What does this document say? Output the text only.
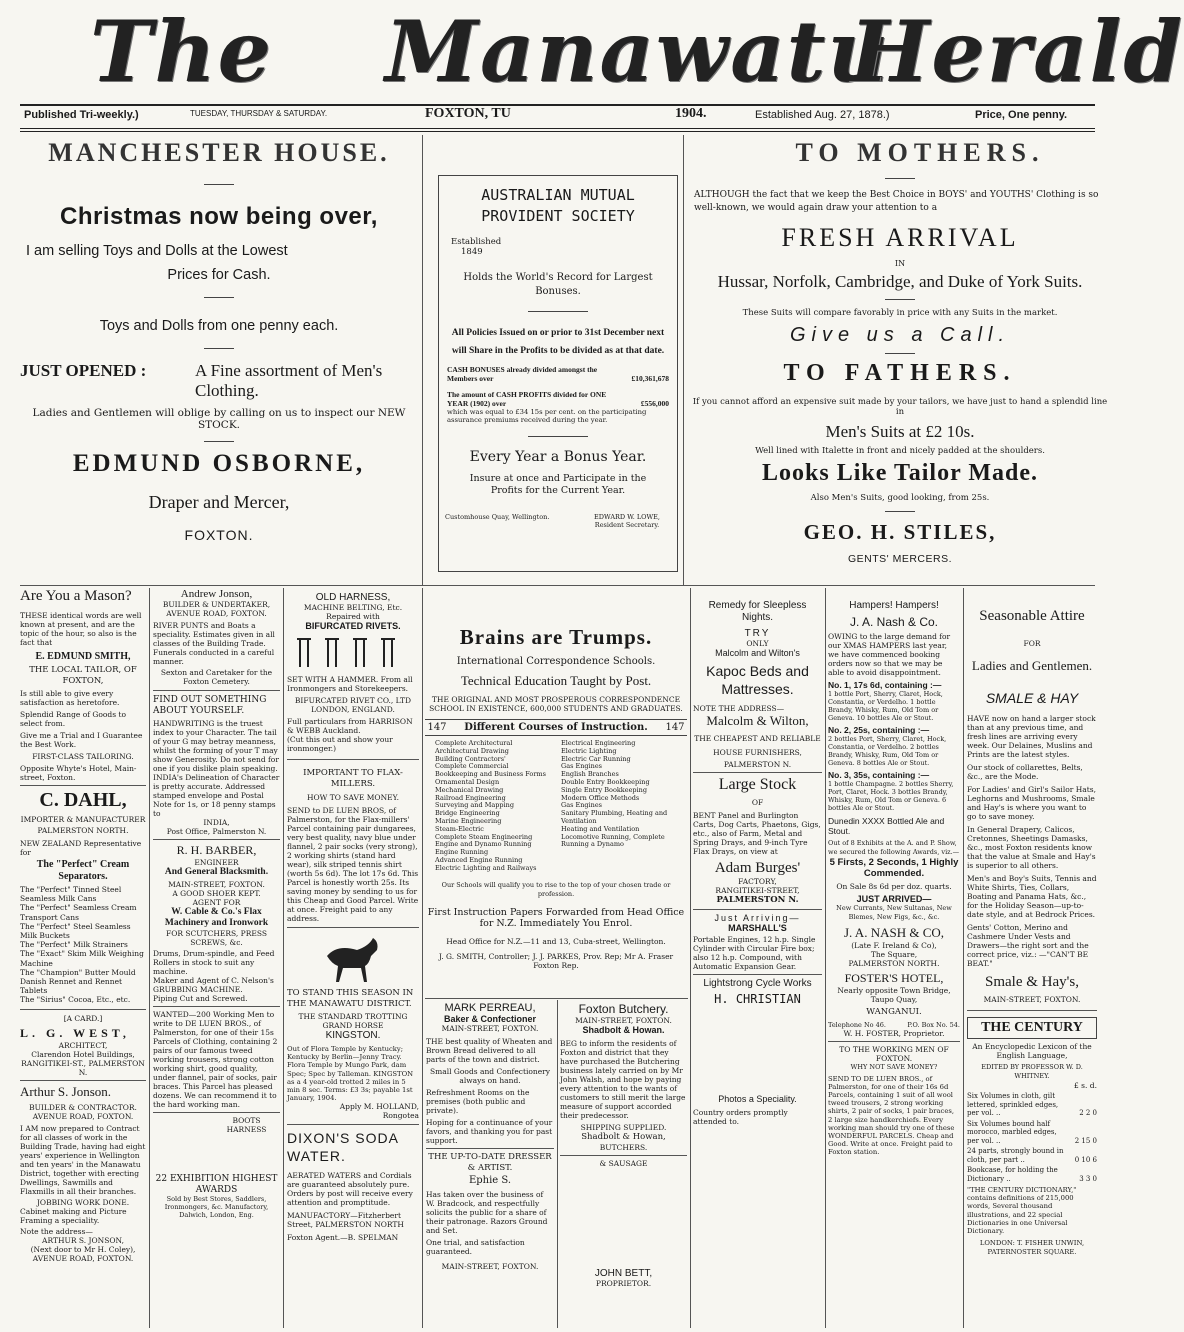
The Manawatu
Herald
Published Tri-weekly.)	TUESDAY, THURSDAY & SATURDAY.	FOXTON, TU	1904.	Established Aug. 27, 1878.)	Price, One penny.
MANCHESTER HOUSE.
Christmas now being over,
I am selling Toys and Dolls at the Lowest
Prices for Cash.
Toys and Dolls from one penny each.
JUST OPENED :	A Fine assortment of Men's Clothing.
Ladies and Gentlemen will oblige by calling on us to inspect our NEW STOCK.
EDMUND OSBORNE,
Draper and Mercer,
FOXTON.
AUSTRALIAN MUTUAL
PROVIDENT SOCIETY
Established
1849
Holds the World's Record for Largest Bonuses.
All Policies Issued on or prior to 31st December next will Share in the Profits to be divided as at that date.
CASH BONUSES already divided amongst the Members over	£10,361,678
The amount of CASH PROFITS divided for ONE YEAR (1902) over	£556,000
which was equal to £34 15s per cent. on the participating assurance premiums received during the year.
Every Year a Bonus Year.
Insure at once and Participate in the Profits for the Current Year.
Customhouse Quay, Wellington.	EDWARD W. LOWE, Resident Secretary.
TO MOTHERS.
ALTHOUGH the fact that we keep the Best Choice in BOYS' and YOUTHS' Clothing is so well-known, we would again draw your attention to a
FRESH ARRIVAL
IN
Hussar, Norfolk, Cambridge, and Duke of York Suits.
These Suits will compare favorably in price with any Suits in the market.
Give us a Call.
TO FATHERS.
If you cannot afford an expensive suit made by your tailors, we have just to hand a splendid line in
Men's Suits at £2 10s.
Well lined with Italette in front and nicely padded at the shoulders.
Looks Like Tailor Made.
Also Men's Suits, good looking, from 25s.
GEO. H. STILES,
GENTS' MERCERS.
Are You a Mason?
THESE identical words are well known at present, and are the topic of the hour, so also is the fact that
E. EDMUND SMITH,
THE LOCAL TAILOR, OF FOXTON,
Is still able to give every satisfaction as heretofore.
Splendid Range of Goods to select from.
Give me a Trial and I Guarantee the Best Work.
FIRST-CLASS TAILORING.
Opposite Whyte's Hotel, Main-street, Foxton.
C. DAHL,
IMPORTER & MANUFACTURER
PALMERSTON NORTH.
NEW ZEALAND Representative for
The "Perfect" Cream Separators.
The "Perfect" Tinned Steel Seamless Milk Cans
The "Perfect" Seamless Cream Transport Cans
The "Perfect" Steel Seamless Milk Buckets
The "Perfect" Milk Strainers
The "Exact" Skim Milk Weighing Machine
The "Champion" Butter Mould
Danish Rennet and Rennet Tablets
The "Sirius" Cocoa, Etc., etc.
[A CARD.]
L. G. WEST,
ARCHITECT,
Clarendon Hotel Buildings,
RANGITIKEI-ST., PALMERSTON N.
Arthur S. Jonson.
BUILDER & CONTRACTOR.
AVENUE ROAD, FOXTON.
I AM now prepared to Contract for all classes of work in the Building Trade, having had eight years' experience in Wellington and ten years' in the Manawatu District, together with erecting Dwellings, Sawmills and Flaxmills in all their branches.
JOBBING WORK DONE.
Cabinet making and Picture Framing a speciality.
Note the address—
ARTHUR S. JONSON,
(Next door to Mr H. Coley),
AVENUE ROAD, FOXTON.
Andrew Jonson,
BUILDER & UNDERTAKER,
AVENUE ROAD, FOXTON.
RIVER PUNTS and Boats a speciality. Estimates given in all classes of the Building Trade. Funerals conducted in a careful manner.
Sexton and Caretaker for the Foxton Cemetery.
FIND OUT SOMETHING ABOUT YOURSELF.
HANDWRITING is the truest index to your Character. The tail of your G may betray meanness, whilst the forming of your T may show Generosity. Do not send for one if you dislike plain speaking. INDIA's Delineation of Character is pretty accurate. Addressed stamped envelope and Postal Note for 1s, or 18 penny stamps to
INDIA,
Post Office, Palmerston N.
R. H. BARBER,
ENGINEER
And General Blacksmith.
MAIN-STREET, FOXTON.
A GOOD SHOER KEPT.
AGENT FOR
W. Cable & Co.'s Flax Machinery and Ironwork
FOR SCUTCHERS, PRESS SCREWS, &c.
Drums, Drum-spindle, and Feed Rollers in stock to suit any machine.
Maker and Agent of C. Nelson's GRUBBING MACHINE.
Piping Cut and Screwed.
WANTED—200 Working Men to write to DE LUEN BROS., of Palmerston, for one of their 15s Parcels of Clothing, containing 2 pairs of our famous tweed working trousers, strong cotton working shirt, good quality, under flannel, pair of socks, pair braces. This Parcel has pleased dozens. We can recommend it to the hard working man.
BOOTS HARNESS
22 EXHIBITION HIGHEST AWARDS
Sold by Best Stores, Saddlers, Ironmongers, &c. Manufactory, Dalwich, London, Eng.
OLD HARNESS,
MACHINE BELTING, Etc.
Repaired with
BIFURCATED RIVETS.
SET WITH A HAMMER. From all Ironmongers and Storekeepers.
BIFURCATED RIVET CO., LTD
LONDON, ENGLAND.
Full particulars from HARRISON & WEBB Auckland.
(Cut this out and show your ironmonger.)
IMPORTANT TO FLAX-MILLERS.
HOW TO SAVE MONEY.
SEND to DE LUEN BROS, of Palmerston, for the Flax-millers' Parcel containing pair dungarees, very best quality, navy blue under flannel, 2 pair socks (very strong), 2 working shirts (stand hard wear), silk striped tennis shirt (worth 5s 6d). The lot 17s 6d. This Parcel is honestly worth 25s. Its saving money by sending to us for this Cheap and Good Parcel. Write at once. Freight paid to any address.
TO STAND THIS SEASON IN THE MANAWATU DISTRICT.
THE STANDARD TROTTING GRAND HORSE
KINGSTON.
Out of Flora Temple by Kentucky; Kentucky by Berlin—Jenny Tracy. Flora Temple by Mungo Park, dam Spec; Spec by Talleman. KINGSTON as a 4 year-old trotted 2 miles in 5 min 8 sec. Terms: £3 3s; payable 1st January, 1904.
Apply M. HOLLAND,
Rongotea
DIXON'S SODA WATER.
AERATED WATERS and Cordials are guaranteed absolutely pure. Orders by post will receive every attention and promptitude.
MANUFACTORY—Fitzherbert Street, PALMERSTON NORTH
Foxton Agent.—B. SPELMAN
Brains are Trumps.
International Correspondence Schools.
Technical Education Taught by Post.
THE ORIGINAL AND MOST PROSPEROUS CORRESPONDENCE SCHOOL IN EXISTENCE, 600,000 STUDENTS AND GRADUATES.
147	Different Courses of Instruction.	147
Complete Architectural
Architectural Drawing
Building Contractors'
Complete Commercial
Bookkeeping and Business Forms
Ornamental Design
Mechanical Drawing
Railroad Engineering
Surveying and Mapping
Bridge Engineering
Marine Engineering
Steam-Electric
Complete Steam Engineering
Engine and Dynamo Running
Engine Running
Advanced Engine Running
Electric Lighting and Railways
Electrical Engineering
Electric Lighting
Electric Car Running
Gas Engines
English Branches
Double Entry Bookkeeping
Single Entry Bookkeeping
Modern Office Methods
Gas Engines
Sanitary Plumbing, Heating and Ventilation
Heating and Ventilation
Locomotive Running, Complete
Running a Dynamo
Our Schools will qualify you to rise to the top of your chosen trade or profession.
First Instruction Papers Forwarded from Head Office for N.Z. Immediately You Enrol.
Head Office for N.Z.—11 and 13, Cuba-street, Wellington.
J. G. SMITH, Controller; J. J. PARKES, Prov. Rep; Mr A. Fraser Foxton Rep.
MARK PERREAU,
Baker & Confectioner
MAIN-STREET, FOXTON.
THE best quality of Wheaten and Brown Bread delivered to all parts of the town and district.
Small Goods and Confectionery always on hand.
Refreshment Rooms on the premises (both public and private).
Hoping for a continuance of your favors, and thanking you for past support.
THE UP-TO-DATE DRESSER & ARTIST.
Ephie S.
Has taken over the business of W. Bradcock, and respectfully solicits the public for a share of their patronage. Razors Ground and Set.
One trial, and satisfaction guaranteed.
MAIN-STREET, FOXTON.
Foxton Butchery.
MAIN-STREET, FOXTON.
Shadbolt & Howan.
BEG to inform the residents of Foxton and district that they have purchased the Butchering business lately carried on by Mr John Walsh, and hope by paying every attention to the wants of customers to still merit the large measure of support accorded their predecessor.
SHIPPING SUPPLIED.
Shadbolt & Howan,
BUTCHERS.
& SAUSAGE
JOHN BETT,
PROPRIETOR.
Remedy for Sleepless Nights.
TRY
ONLY
Malcolm and Wilton's
Kapoc Beds and Mattresses.
NOTE THE ADDRESS—
Malcolm & Wilton,
THE CHEAPEST AND RELIABLE HOUSE FURNISHERS,
PALMERSTON N.
Large Stock
OF
BENT Panel and Burlington Carts, Dog Carts, Phaetons, Gigs, etc., also of Farm, Metal and Spring Drays, and 9-inch Tyre Flax Drays, on view at
Adam Burges'
FACTORY,
RANGITIKEI-STREET,
PALMERSTON N.
Just Arriving—
MARSHALL'S
Portable Engines, 12 h.p. Single Cylinder with Circular Fire box; also 12 h.p. Compound, with Automatic Expansion Gear.
Lightstrong Cycle Works
H. CHRISTIAN
Photos a Speciality.
Country orders promptly attended to.
Hampers! Hampers!
J. A. Nash & Co.
OWING to the large demand for our XMAS HAMPERS last year, we have commenced booking orders now so that we may be able to avoid disappointment.
No. 1, 17s 6d, containing :—
1 bottle Port, Sherry, Claret, Hock, Constantia, or Verdelho. 1 bottle Brandy, Whisky, Rum, Old Tom or Geneva. 10 bottles Ale or Stout.
No. 2, 25s, containing :—
2 bottles Port, Sherry, Claret, Hock, Constantia, or Verdelho. 2 bottles Brandy, Whisky, Rum, Old Tom or Geneva. 8 bottles Ale or Stout.
No. 3, 35s, containing :—
1 bottle Champagne. 2 bottles Sherry, Port, Claret, Hock. 3 bottles Brandy, Whisky, Rum, Old Tom or Geneva. 6 bottles Ale or Stout.
Dunedin XXXX Bottled Ale and Stout.
Out of 8 Exhibits at the A. and P. Show, we secured the following Awards, viz.—
5 Firsts, 2 Seconds, 1 Highly Commended.
On Sale 8s 6d per doz. quarts.
JUST ARRIVED—
New Currants, New Sultanas, New Blemes, New Figs, &c., &c.
J. A. NASH & CO,
(Late F. Ireland & Co),
The Square,
PALMERSTON NORTH.
FOSTER'S HOTEL,
Nearly opposite Town Bridge, Taupo Quay,
WANGANUI.
Telephone No 46.	P.O. Box No. 54.
W. H. FOSTER, Proprietor.
TO THE WORKING MEN OF FOXTON.
WHY NOT SAVE MONEY?
SEND TO DE LUEN BROS., of Palmerston, for one of their 16s 6d Parcels, containing 1 suit of all wool tweed trousers, 2 strong working shirts, 2 pair of socks, 1 pair braces, 2 large size handkerchiefs. Every working man should try one of these WONDERFUL PARCELS. Cheap and Good. Write at once. Freight paid to Foxton station.
Seasonable Attire
FOR
Ladies and Gentlemen.
SMALE & HAY
HAVE now on hand a larger stock than at any previous time, and fresh lines are arriving every week. Our Delaines, Muslins and Prints are the latest styles.
Our stock of collarettes, Belts, &c., are the Mode.
For Ladies' and Girl's Sailor Hats, Leghorns and Mushrooms, Smale and Hay's is where you want to go to save money.
In General Drapery, Calicos, Cretonnes, Sheetings Damasks, &c., most Foxton residents know that the value at Smale and Hay's is superior to all others.
Men's and Boy's Suits, Tennis and White Shirts, Ties, Collars, Boating and Panama Hats, &c., for the Holiday Season—up-to-date style, and at Bedrock Prices.
Gents' Cotton, Merino and Cashmere Under Vests and Drawers—the right sort and the correct price, viz.: —"CAN'T BE BEAT."
Smale & Hay's,
MAIN-STREET, FOXTON.
THE CENTURY
An Encyclopedic Lexicon of the English Language,
EDITED BY PROFESSOR W. D. WHITNEY.
£ s. d.
Six Volumes in cloth, gilt lettered, sprinkled edges, per vol. ..	2 2 0
Six Volumes bound half morocco, marbled edges, per vol. ..	2 15 0
24 parts, strongly bound in cloth, per part ..	0 10 6
Bookcase, for holding the Dictionary ..	3 3 0
"THE CENTURY DICTIONARY," contains definitions of 215,000 words, Several thousand illustrations, and 22 special Dictionaries in one Universal Dictionary.
LONDON: T. FISHER UNWIN, PATERNOSTER SQUARE.
